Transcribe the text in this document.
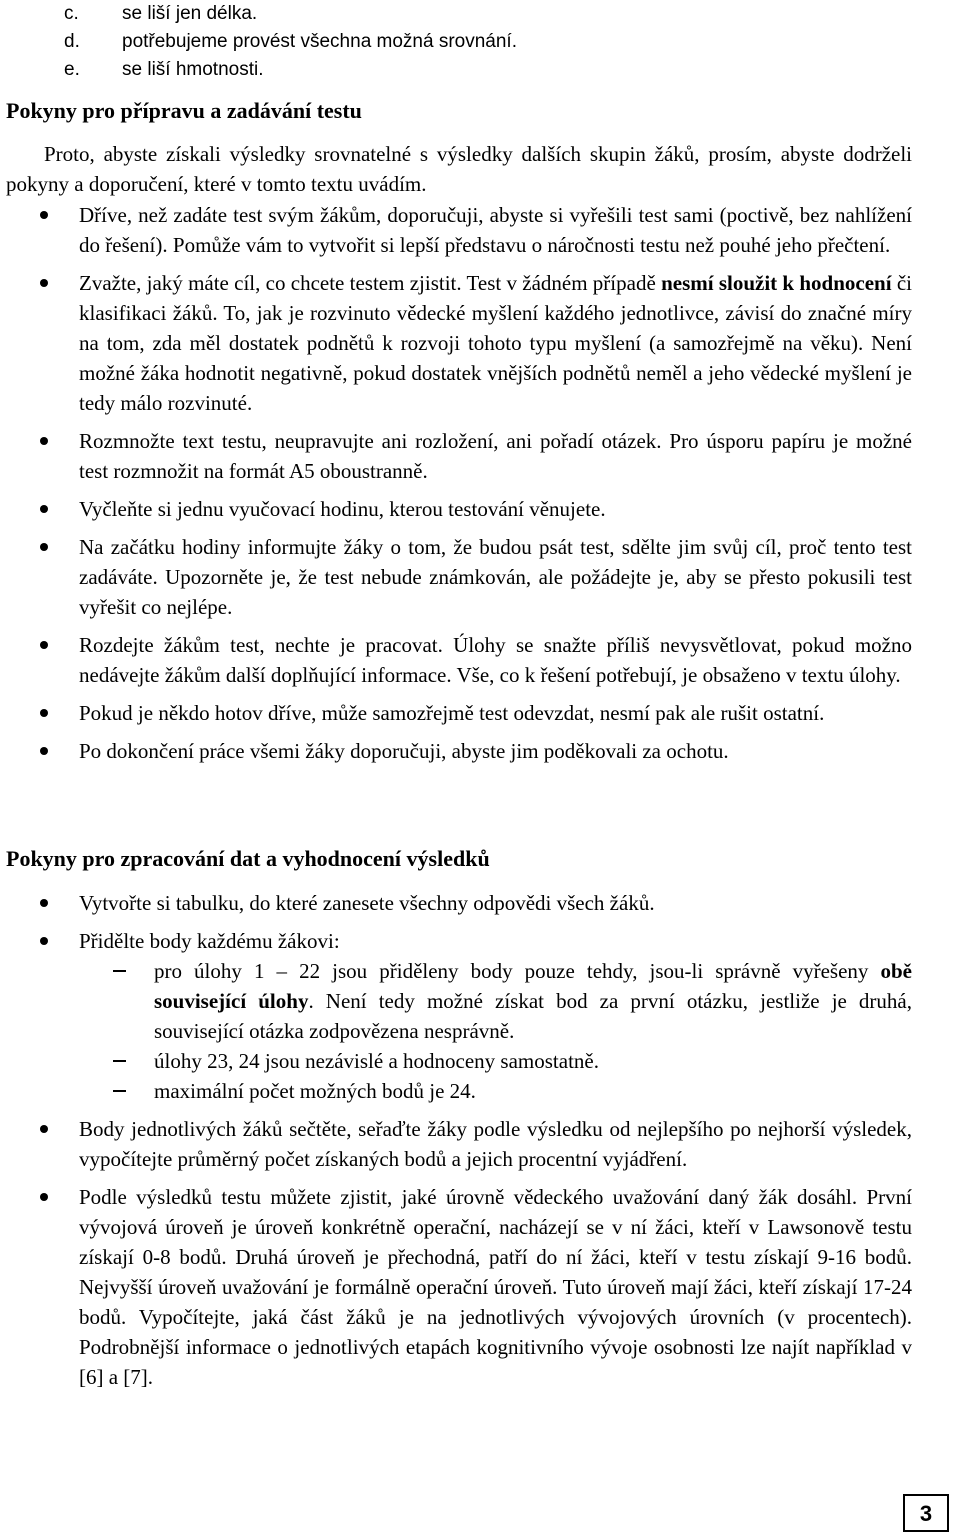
c. se liší jen délka.
d. potřebujeme provést všechna možná srovnání.
e. se liší hmotnosti.
Pokyny pro přípravu a zadávání testu

Proto, abyste získali výsledky srovnatelné s výsledky dalších skupin žáků, prosím, abyste dodrželi pokyny a doporučení, které v tomto textu uvádím.

Dříve, než zadáte test svým žákům, doporučuji, abyste si vyřešili test sami (poctivě, bez nahlížení do řešení). Pomůže vám to vytvořit si lepší představu o náročnosti testu než pouhé jeho přečtení.
Zvažte, jaký máte cíl, co chcete testem zjistit. Test v žádném případě nesmí sloužit k hodnocení či klasifikaci žáků. To, jak je rozvinuto vědecké myšlení každého jednotlivce, závisí do značné míry na tom, zda měl dostatek podnětů k rozvoji tohoto typu myšlení (a samozřejmě na věku). Není možné žáka hodnotit negativně, pokud dostatek vnějších podnětů neměl a jeho vědecké myšlení je tedy málo rozvinuté.
Rozmnožte text testu, neupravujte ani rozložení, ani pořadí otázek. Pro úsporu papíru je možné test rozmnožit na formát A5 oboustranně.
Vyčleňte si jednu vyučovací hodinu, kterou testování věnujete.
Na začátku hodiny informujte žáky o tom, že budou psát test, sdělte jim svůj cíl, proč tento test zadáváte. Upozorněte je, že test nebude známkován, ale požádejte je, aby se přesto pokusili test vyřešit co nejlépe.
Rozdejte žákům test, nechte je pracovat. Úlohy se snažte příliš nevysvětlovat, pokud možno nedávejte žákům další doplňující informace. Vše, co k řešení potřebují, je obsaženo v textu úlohy.
Pokud je někdo hotov dříve, může samozřejmě test odevzdat, nesmí pak ale rušit ostatní.
Po dokončení práce všemi žáky doporučuji, abyste jim poděkovali za ochotu.
Pokyny pro zpracování dat a vyhodnocení výsledků
Vytvořte si tabulku, do které zanesete všechny odpovědi všech žáků.
Přidělte body každému žákovi:
pro úlohy 1 – 22 jsou přiděleny body pouze tehdy, jsou-li správně vyřešeny obě související úlohy. Není tedy možné získat bod za první otázku, jestliže je druhá, související otázka zodpovězena nesprávně.
úlohy 23, 24 jsou nezávislé a hodnoceny samostatně.
maximální počet možných bodů je 24.
Body jednotlivých žáků sečtěte, seřaďte žáky podle výsledku od nejlepšího po nejhorší výsledek, vypočítejte průměrný počet získaných bodů a jejich procentní vyjádření.
Podle výsledků testu můžete zjistit, jaké úrovně vědeckého uvažování daný žák dosáhl. První vývojová úroveň je úroveň konkrétně operační, nacházejí se v ní žáci, kteří v Lawsonově testu získají 0-8 bodů. Druhá úroveň je přechodná, patří do ní žáci, kteří v testu získají 9-16 bodů. Nejvyšší úroveň uvažování je formálně operační úroveň. Tuto úroveň mají žáci, kteří získají 17-24 bodů. Vypočítejte, jaká část žáků je na jednotlivých vývojových úrovních (v procentech). Podrobnější informace o jednotlivých etapách kognitivního vývoje osobnosti lze najít například v [6] a [7].
3
